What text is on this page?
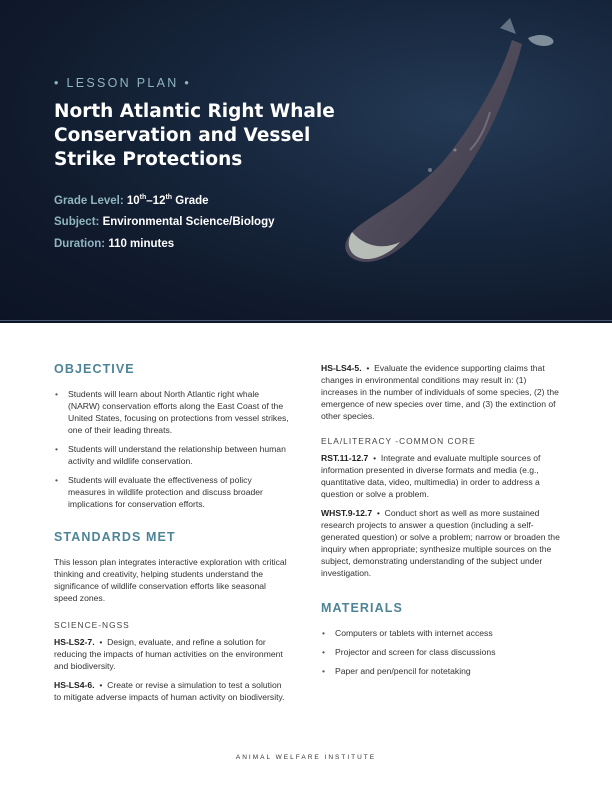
• LESSON PLAN •
North Atlantic Right Whale Conservation and Vessel Strike Protections
Grade Level: 10th–12th Grade
Subject: Environmental Science/Biology
Duration: 110 minutes
OBJECTIVE
• Students will learn about North Atlantic right whale (NARW) conservation efforts along the East Coast of the United States, focusing on protections from vessel strikes, one of their leading threats.
• Students will understand the relationship between human activity and wildlife conservation.
• Students will evaluate the effectiveness of policy measures in wildlife protection and discuss broader implications for conservation efforts.
STANDARDS MET

This lesson plan integrates interactive exploration with critical thinking and creativity, helping students understand the significance of wildlife conservation efforts like seasonal speed zones.

SCIENCE-NGSS

HS-LS2-7.  •  Design, evaluate, and refine a solution for reducing the impacts of human activities on the environment and biodiversity.

HS-LS4-6.  •  Create or revise a simulation to test a solution to mitigate adverse impacts of human activity on biodiversity.

HS-LS4-5.  •  Evaluate the evidence supporting claims that changes in environmental conditions may result in: (1) increases in the number of individuals of some species, (2) the emergence of new species over time, and (3) the extinction of other species.

ELA/LITERACY -COMMON CORE

RST.11-12.7  •  Integrate and evaluate multiple sources of information presented in diverse formats and media (e.g., quantitative data, video, multimedia) in order to address a question or solve a problem.

WHST.9-12.7  •  Conduct short as well as more sustained research projects to answer a question (including a self-generated question) or solve a problem; narrow or broaden the inquiry when appropriate; synthesize multiple sources on the subject, demonstrating understanding of the subject under investigation.

MATERIALS
• Computers or tablets with internet access
• Projector and screen for class discussions
• Paper and pen/pencil for notetaking
ANIMAL WELFARE INSTITUTE
